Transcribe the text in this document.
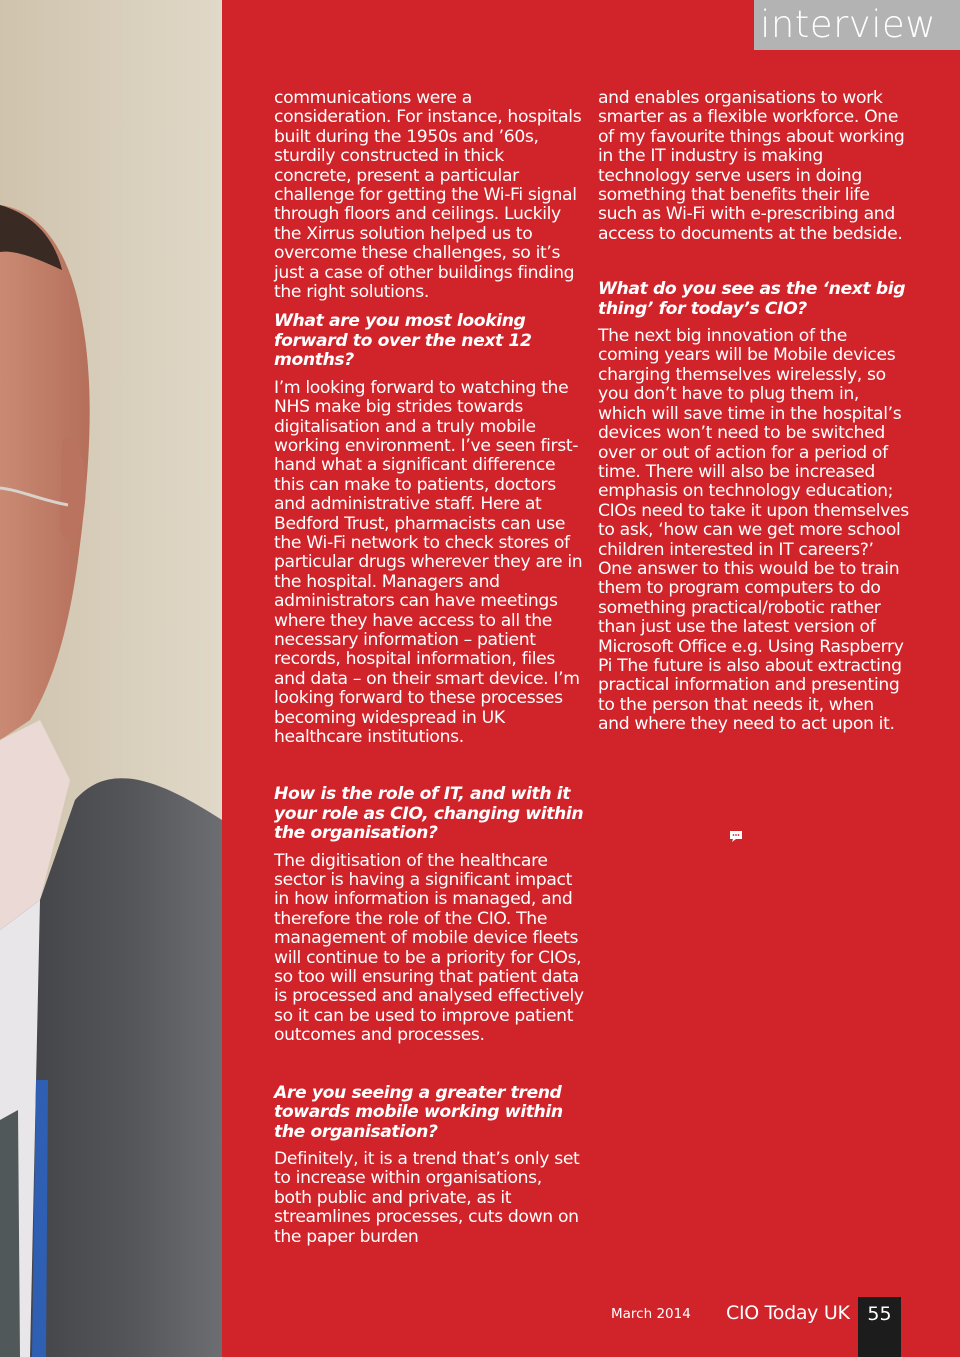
interview

communications were a consideration. For instance, hospitals built during the 1950s and ’60s, sturdily constructed in thick concrete, present a particular challenge for getting the Wi-Fi signal through floors and ceilings. Luckily the Xirrus solution helped us to overcome these challenges, so it’s just a case of other buildings finding the right solutions.

What are you most looking forward to over the next 12 months?

I’m looking forward to watching the NHS make big strides towards digitalisation and a truly mobile working environment. I’ve seen first-hand what a significant difference this can make to patients, doctors and administrative staff. Here at Bedford Trust, pharmacists can use the Wi-Fi network to check stores of particular drugs wherever they are in the hospital. Managers and administrators can have meetings where they have access to all the necessary information – patient records, hospital information, files and data – on their smart device. I’m looking forward to these processes becoming widespread in UK healthcare institutions.

How is the role of IT, and with it your role as CIO, changing within the organisation?

The digitisation of the healthcare sector is having a significant impact in how information is managed, and therefore the role of the CIO. The management of mobile device fleets will continue to be a priority for CIOs, so too will ensuring that patient data is processed and analysed effectively so it can be used to improve patient outcomes and processes.

Are you seeing a greater trend towards mobile working within the organisation?

Definitely, it is a trend that’s only set to increase within organisations, both public and private, as it streamlines processes, cuts down on the paper burden

and enables organisations to work smarter as a flexible workforce. One of my favourite things about working in the IT industry is making technology serve users in doing something that benefits their life such as Wi-Fi with e-prescribing and access to documents at the bedside.

What do you see as the ‘next big thing’ for today’s CIO?

The next big innovation of the coming years will be Mobile devices charging themselves wirelessly, so you don’t have to plug them in, which will save time in the hospital’s devices won’t need to be switched over or out of action for a period of time. There will also be increased emphasis on technology education; CIOs need to take it upon themselves to ask, ‘how can we get more school children interested in IT careers?’ One answer to this would be to train them to program computers to do something practical/robotic rather than just use the latest version of Microsoft Office e.g. Using Raspberry Pi The future is also about extracting practical information and presenting to the person that needs it, when and where they need to act upon it.

March 2014 CIO Today UK 55
